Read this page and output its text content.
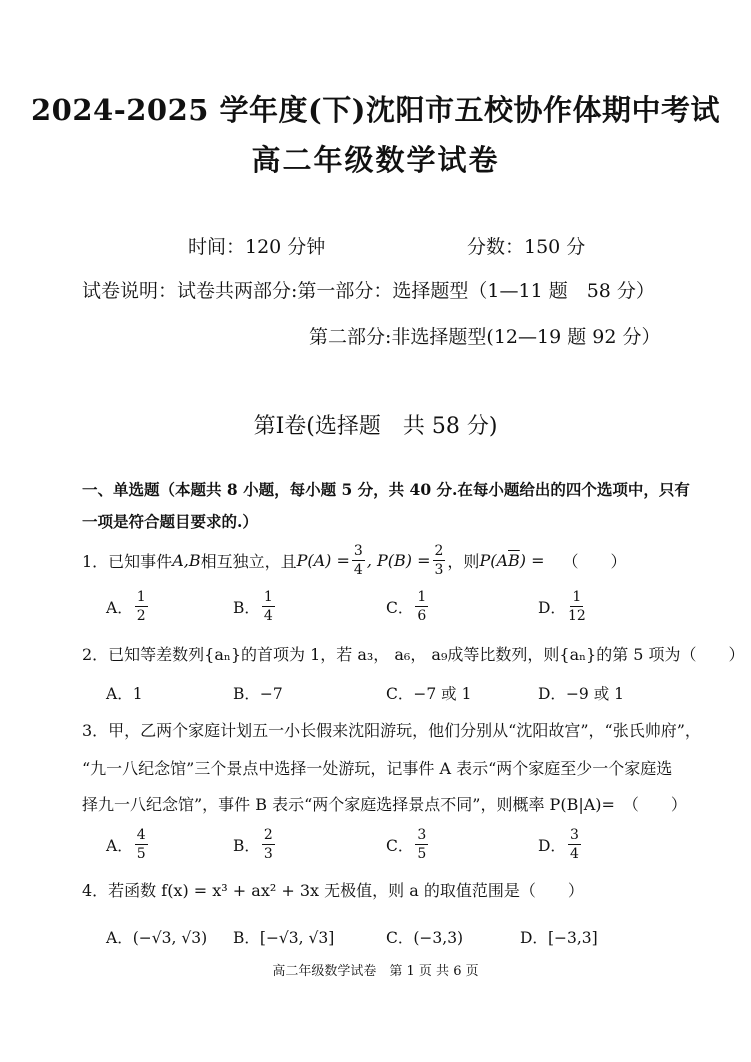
2024-2025 学年度(下)沈阳市五校协作体期中考试
高二年级数学试卷
时间：120 分钟	分数：150 分
试卷说明：试卷共两部分:第一部分：选择题型（1—11 题　58 分）
第二部分:非选择题型(12—19 题 92 分）
第Ⅰ卷(选择题　共 58 分)
一、单选题（本题共 8 小题，每小题 5 分，共 40 分.在每小题给出的四个选项中，只有
一项是符合题目要求的.）
1．已知事件 A,B 相互独立，且 $P(A) = \frac{3}{4}$ , $P(B) = \frac{2}{3}$ ，则 P(A $\overline{B}$ ) = （　　）
A． $\frac{1}{2}$	B． $\frac{1}{4}$	C． $\frac{1}{6}$	D． $\frac{1}{12}$
2．已知等差数列{aₙ}的首项为 1，若 a₃， a₆， a₉成等比数列，则{aₙ}的第 5 项为（　　）
A．1	B．−7	C．−7 或 1	D．−9 或 1
3．甲，乙两个家庭计划五一小长假来沈阳游玩，他们分别从“沈阳故宫”，“张氏帅府”，
“九一八纪念馆”三个景点中选择一处游玩，记事件 A 表示“两个家庭至少一个家庭选
择九一八纪念馆”，事件 B 表示“两个家庭选择景点不同”，则概率 P(B|A)=　（　　）
A． $\frac{4}{5}$	B． $\frac{2}{3}$	C． $\frac{3}{5}$	D． $\frac{3}{4}$
4．若函数 f(x) = x³ + ax² + 3x 无极值，则 a 的取值范围是（　　）
A．(−√3, √3) B．[−√3, √3]	C．(−3,3)	D．[−3,3]
高二年级数学试卷　第 1 页 共 6 页
